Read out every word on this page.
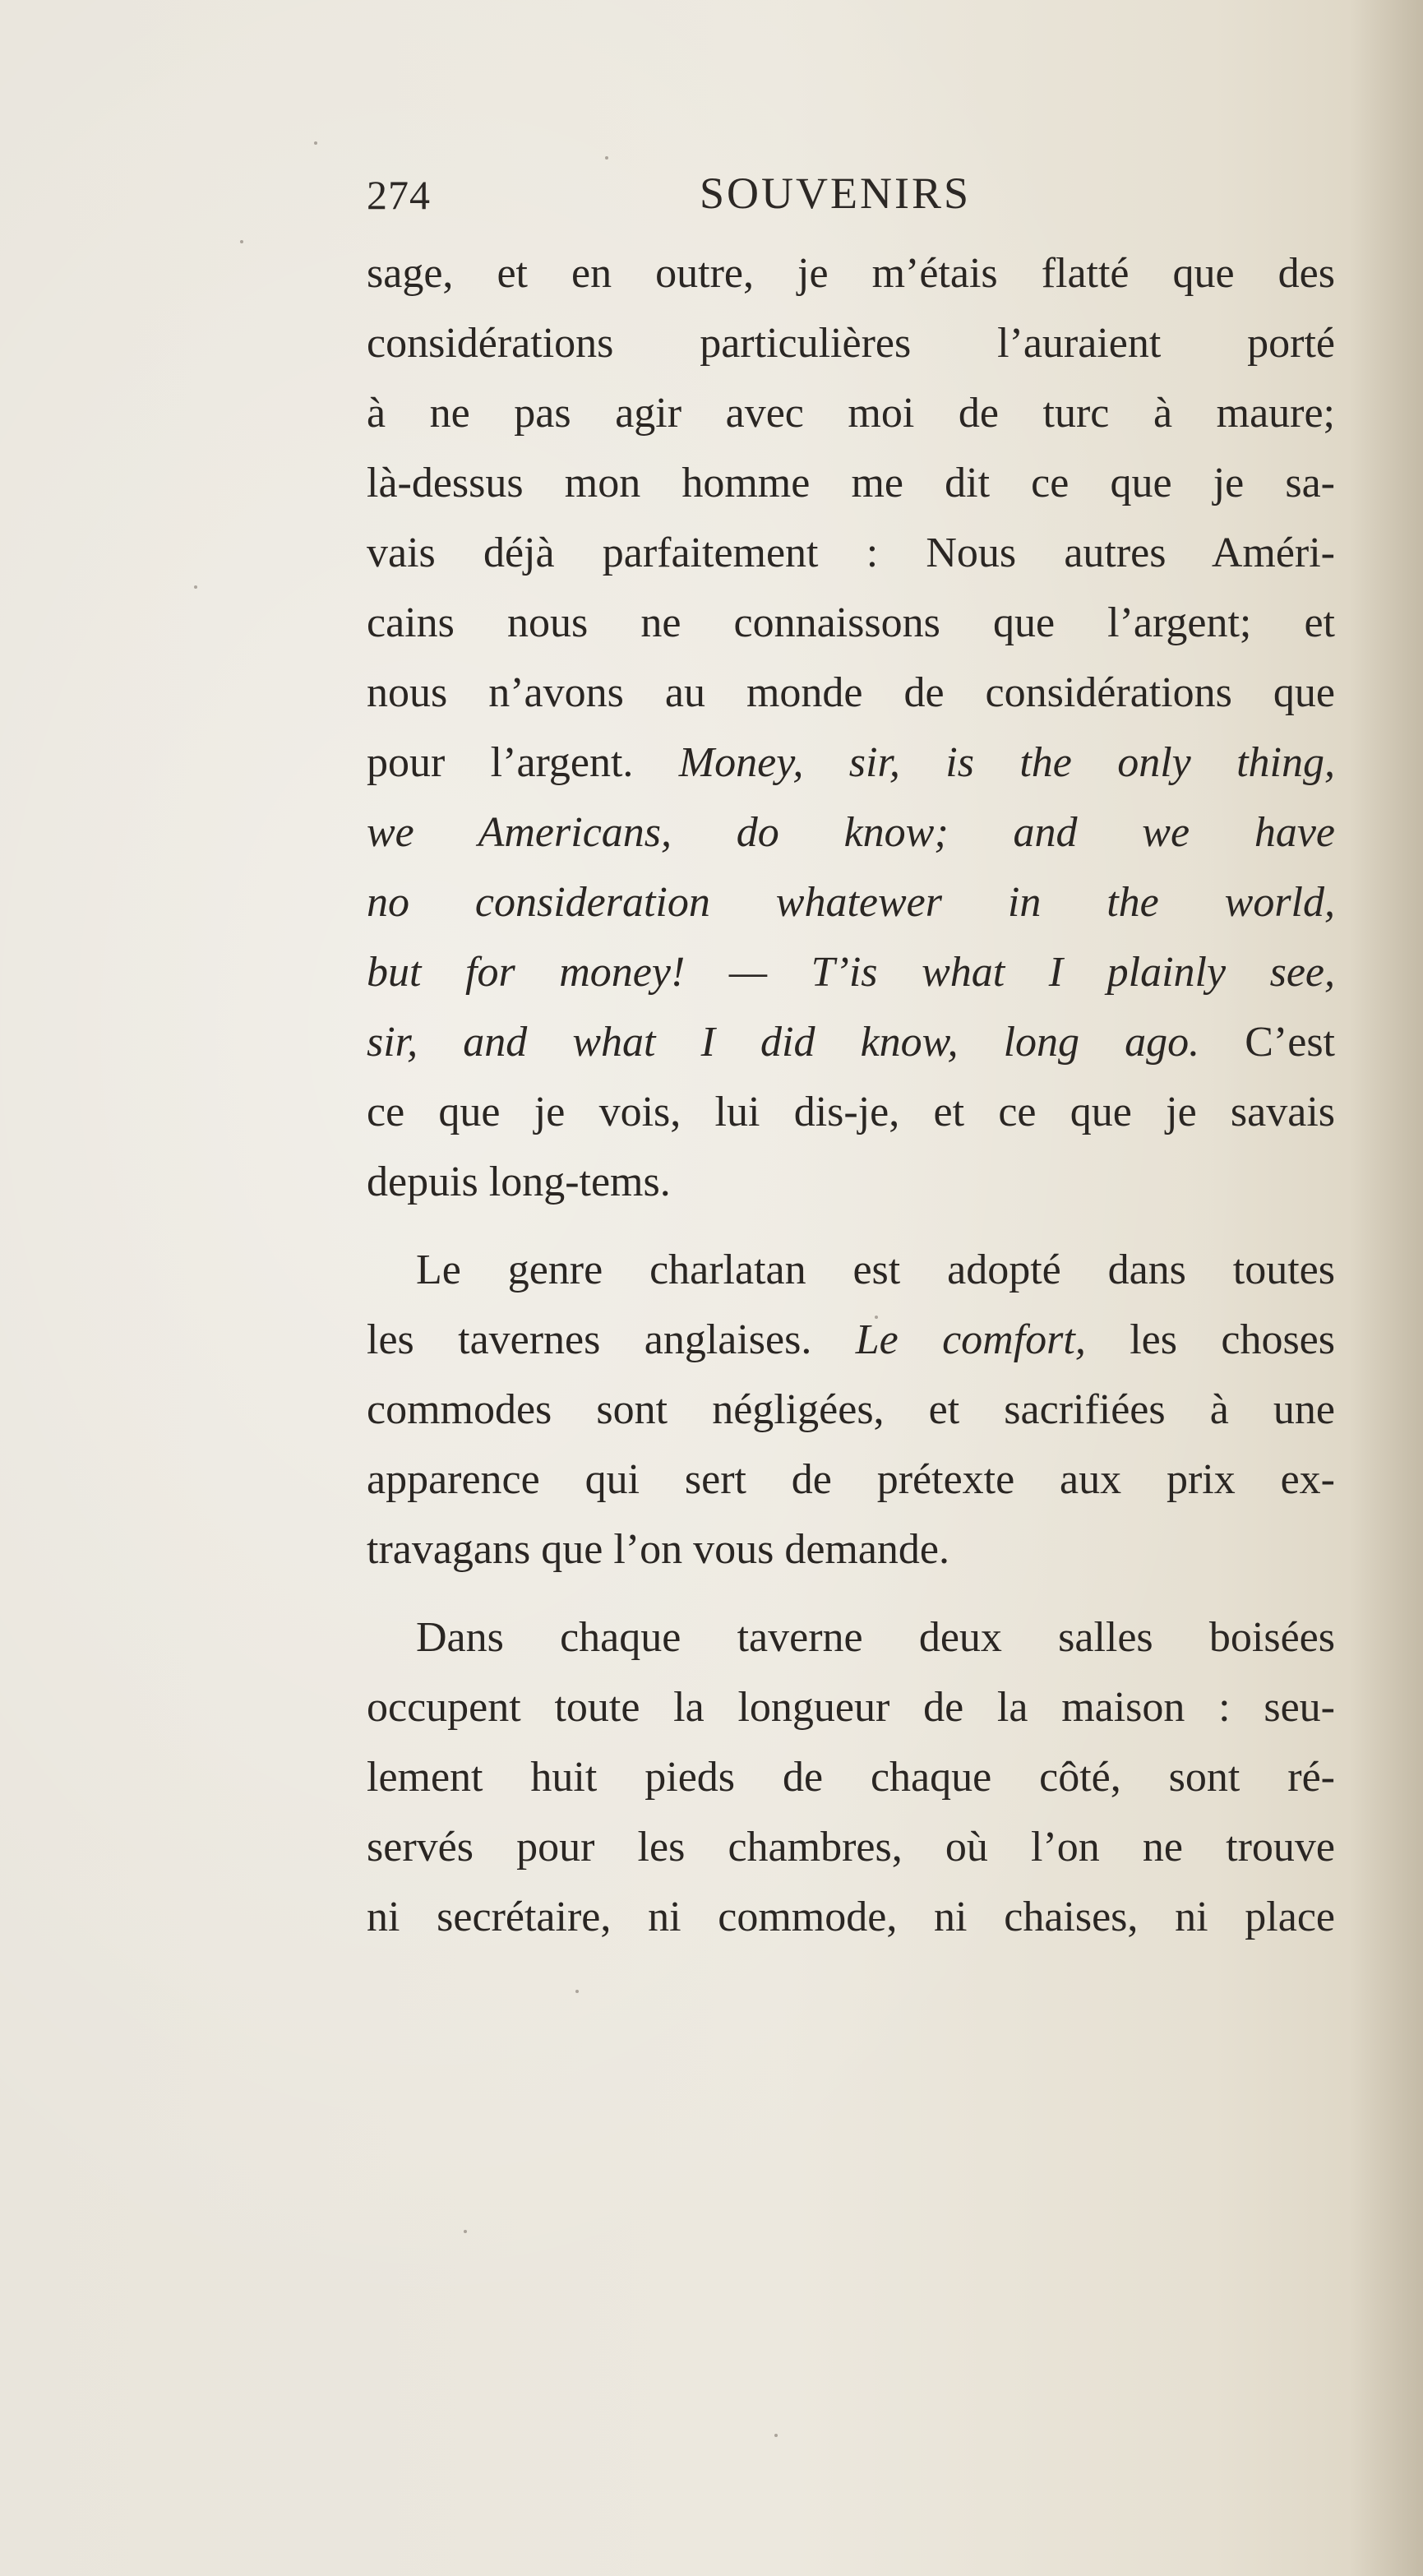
274	SOUVENIRS
sage, et en outre, je m’étais flatté que des
considérations particulières l’auraient porté
à ne pas agir avec moi de turc à maure;
là-dessus mon homme me dit ce que je sa-
vais déjà parfaitement : Nous autres Améri-
cains nous ne connaissons que l’argent; et
nous n’avons au monde de considérations que
pour l’argent. Money, sir, is the only thing,
we Americans, do know; and we have
no consideration whatewer in the world,
but for money! — T’is what I plainly see,
sir, and what I did know, long ago. C’est
ce que je vois, lui dis-je, et ce que je savais
depuis long-tems.
Le genre charlatan est adopté dans toutes
les tavernes anglaises. Le comfort, les choses
commodes sont négligées, et sacrifiées à une
apparence qui sert de prétexte aux prix ex-
travagans que l’on vous demande.
Dans chaque taverne deux salles boisées
occupent toute la longueur de la maison : seu-
lement huit pieds de chaque côté, sont ré-
servés pour les chambres, où l’on ne trouve
ni secrétaire, ni commode, ni chaises, ni place
